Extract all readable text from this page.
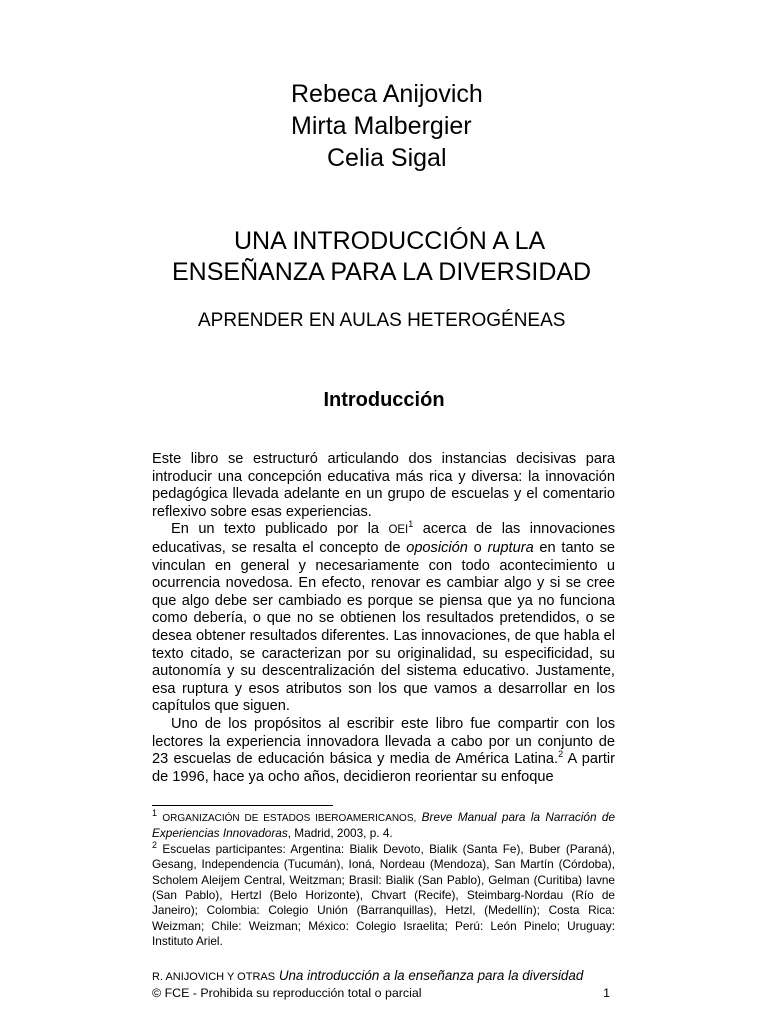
Rebeca Anijovich
Mirta Malbergier
Celia Sigal
UNA INTRODUCCIÓN A LA
ENSEÑANZA PARA LA DIVERSIDAD
APRENDER EN AULAS HETEROGÉNEAS
Introducción

Este libro se estructuró articulando dos instancias decisivas para introducir una concepción educativa más rica y diversa: la innovación pedagógica llevada adelante en un grupo de escuelas y el comentario reflexivo sobre esas experiencias.

En un texto publicado por la OEI$^1$ acerca de las innovaciones educativas, se resalta el concepto de oposición o ruptura en tanto se vinculan en general y necesariamente con todo acontecimiento u ocurrencia novedosa. En efecto, renovar es cambiar algo y si se cree que algo debe ser cambiado es porque se piensa que ya no funciona como debería, o que no se obtienen los resultados pretendidos, o se desea obtener resultados diferentes. Las innovaciones, de que habla el texto citado, se caracterizan por su originalidad, su especificidad, su autonomía y su descentralización del sistema educativo. Justamente, esa ruptura y esos atributos son los que vamos a desarrollar en los capítulos que siguen.

Uno de los propósitos al escribir este libro fue compartir con los lectores la experiencia innovadora llevada a cabo por un conjunto de 23 escuelas de educación básica y media de América Latina.$^2$ A partir de 1996, hace ya ocho años, decidieron reorientar su enfoque

$^1$ ORGANIZACIÓN DE ESTADOS IBEROAMERICANOS, Breve Manual para la Narración de Experiencias Innovadoras, Madrid, 2003, p. 4.

$^2$ Escuelas participantes: Argentina: Bialik Devoto, Bialik (Santa Fe), Buber (Paraná), Gesang, Independencia (Tucumán), Ioná, Nordeau (Mendoza), San Martín (Córdoba), Scholem Aleijem Central, Weitzman; Brasil: Bialik (San Pablo), Gelman (Curitiba) Iavne (San Pablo), Hertzl (Belo Horizonte), Chvart (Recife), Steimbarg-Nordau (Río de Janeiro); Colombia: Colegio Unión (Barranquillas), Hetzl, (Medellín); Costa Rica: Weizman; Chile: Weizman; México: Colegio Israelita; Perú: León Pinelo; Uruguay: Instituto Ariel.

R. ANIJOVICH Y OTRAS Una introducción a la enseñanza para la diversidad
© FCE - Prohibida su reproducción total o parcial	1
